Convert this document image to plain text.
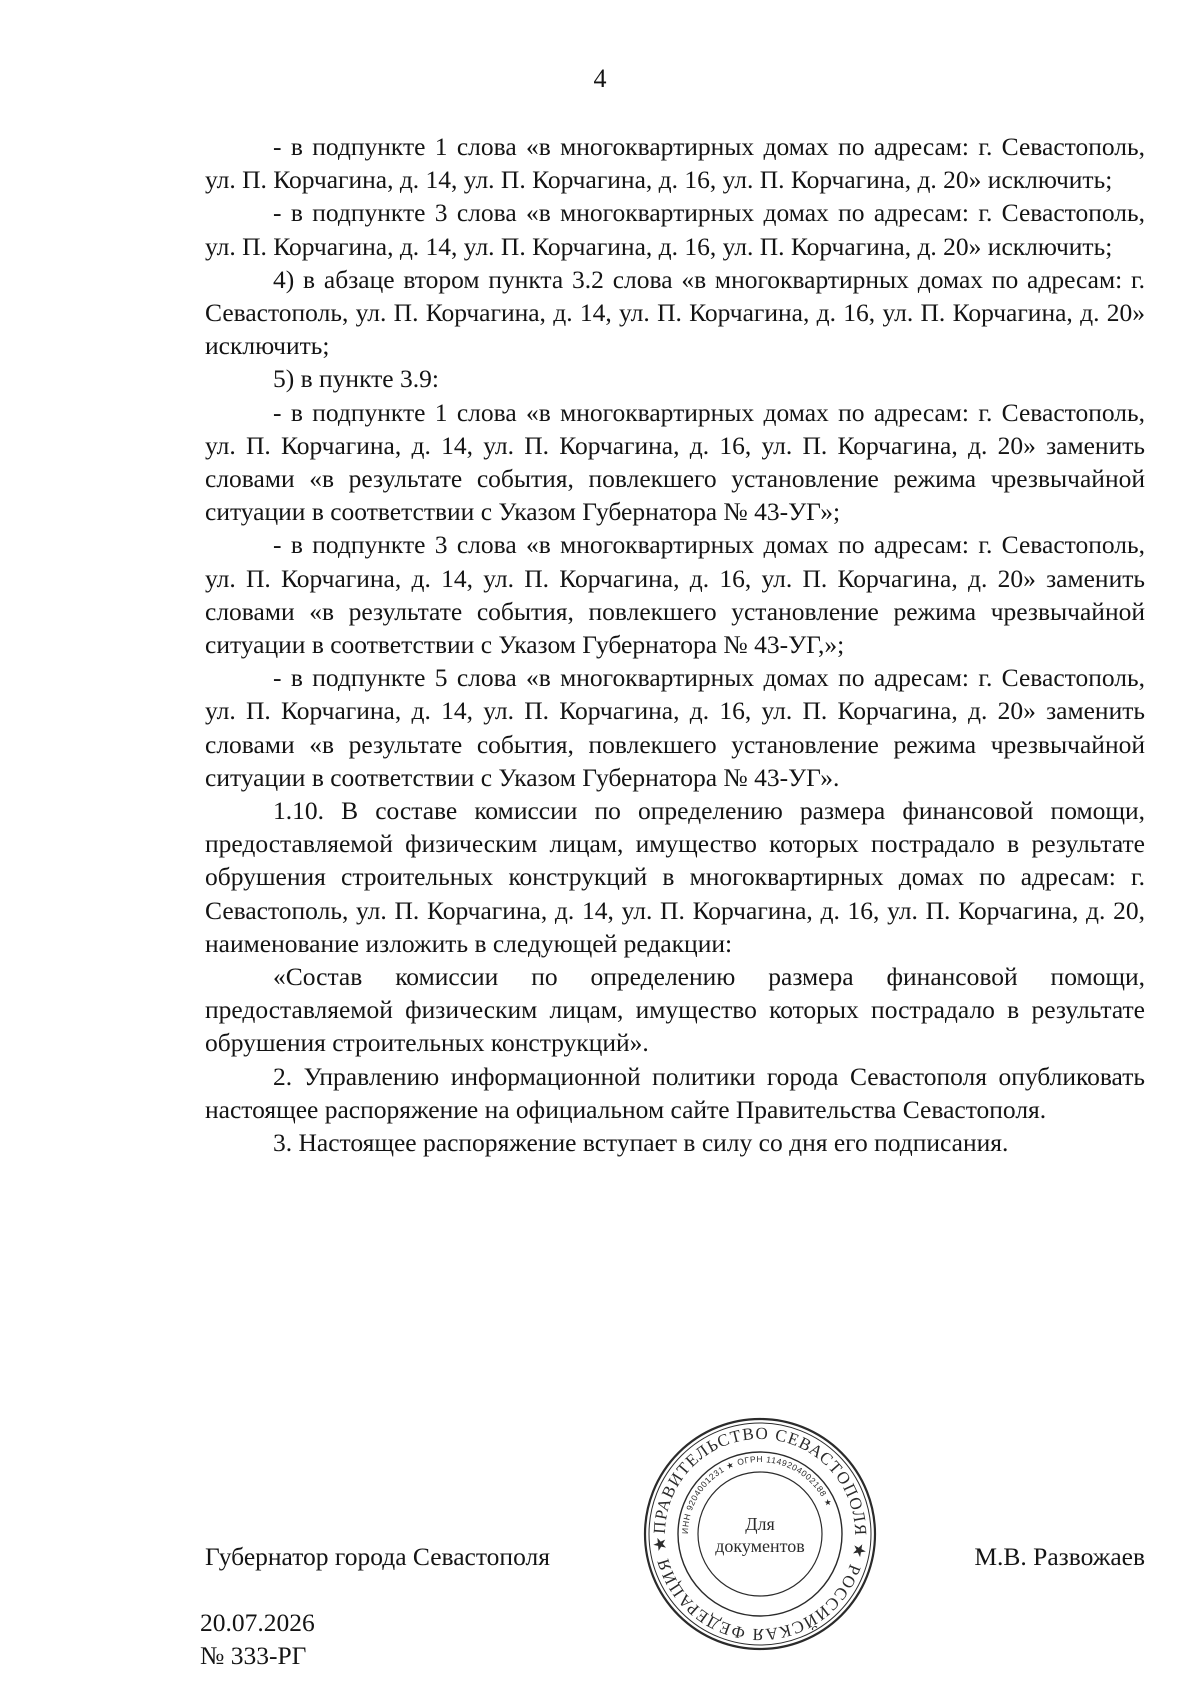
4

- в подпункте 1 слова «в многоквартирных домах по адресам: г. Севастополь, ул. П. Корчагина, д. 14, ул. П. Корчагина, д. 16, ул. П. Корчагина, д. 20» исключить;

- в подпункте 3 слова «в многоквартирных домах по адресам: г. Севастополь, ул. П. Корчагина, д. 14, ул. П. Корчагина, д. 16, ул. П. Корчагина, д. 20» исключить;

4) в абзаце втором пункта 3.2 слова «в многоквартирных домах по адресам: г. Севастополь, ул. П. Корчагина, д. 14, ул. П. Корчагина, д. 16, ул. П. Корчагина, д. 20» исключить;

5) в пункте 3.9:

- в подпункте 1 слова «в многоквартирных домах по адресам: г. Севастополь, ул. П. Корчагина, д. 14, ул. П. Корчагина, д. 16, ул. П. Корчагина, д. 20» заменить словами «в результате события, повлекшего установление режима чрезвычайной ситуации в соответствии с Указом Губернатора № 43-УГ»;

- в подпункте 3 слова «в многоквартирных домах по адресам: г. Севастополь, ул. П. Корчагина, д. 14, ул. П. Корчагина, д. 16, ул. П. Корчагина, д. 20» заменить словами «в результате события, повлекшего установление режима чрезвычайной ситуации в соответствии с Указом Губернатора № 43-УГ,»;

- в подпункте 5 слова «в многоквартирных домах по адресам: г. Севастополь, ул. П. Корчагина, д. 14, ул. П. Корчагина, д. 16, ул. П. Корчагина, д. 20» заменить словами «в результате события, повлекшего установление режима чрезвычайной ситуации в соответствии с Указом Губернатора № 43-УГ».

1.10. В составе комиссии по определению размера финансовой помощи, предоставляемой физическим лицам, имущество которых пострадало в результате обрушения строительных конструкций в многоквартирных домах по адресам: г. Севастополь, ул. П. Корчагина, д. 14, ул. П. Корчагина, д. 16, ул. П. Корчагина, д. 20, наименование изложить в следующей редакции:

«Состав комиссии по определению размера финансовой помощи, предоставляемой физическим лицам, имущество которых пострадало в результате обрушения строительных конструкций».

2. Управлению информационной политики города Севастополя опубликовать настоящее распоряжение на официальном сайте Правительства Севастополя.

3. Настоящее распоряжение вступает в силу со дня его подписания.

Губернатор города Севастополя	М.В. Развожаев
ПРАВИТЕЛЬСТВО СЕВАСТОПОЛЯ ★ РОССИЙСКАЯ ФЕДЕРАЦИЯ ★
ИНН 9204001231 ★ ОГРН 1149204002188 ★
Для
документов
20.07.2026
№ 333-РГ
